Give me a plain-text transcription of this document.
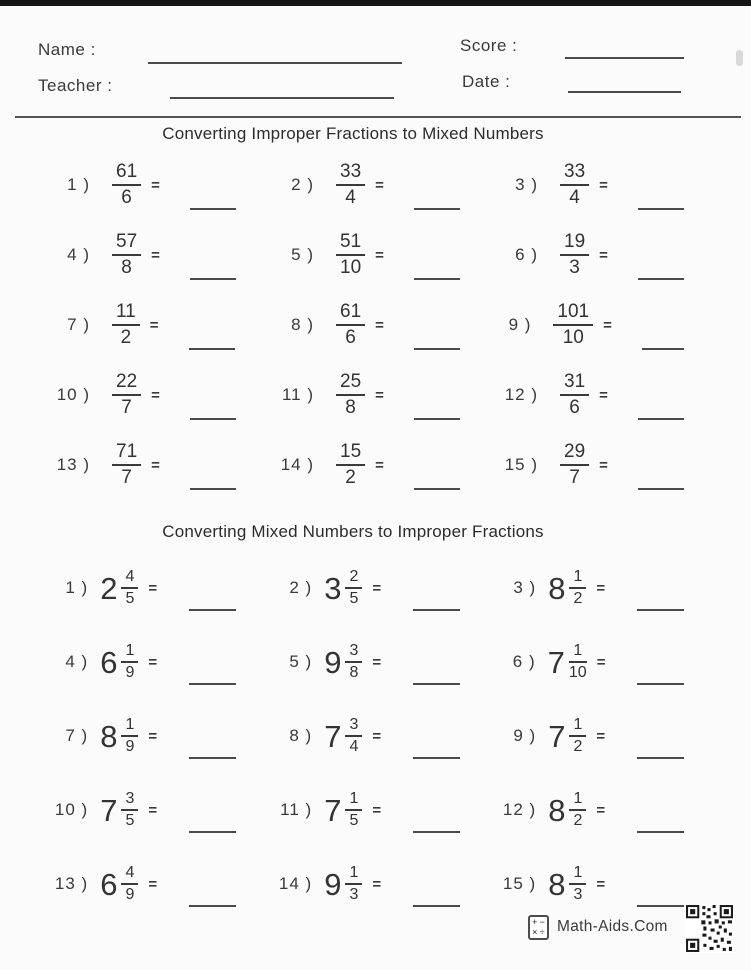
Name :
Teacher :
Score :
Date :
Converting Improper Fractions to Mixed Numbers
1 ) $\frac{61}{6}$ =	2 ) $\frac{33}{4}$ =	3 ) $\frac{33}{4}$ =
4 ) $\frac{57}{8}$ =	5 ) $\frac{51}{10}$ =	6 ) $\frac{19}{3}$ =
7 ) $\frac{11}{2}$ =	8 ) $\frac{61}{6}$ =	9 ) $\frac{101}{10}$ =
10 ) $\frac{22}{7}$ =	11 ) $\frac{25}{8}$ =	12 ) $\frac{31}{6}$ =
13 ) $\frac{71}{7}$ =	14 ) $\frac{15}{2}$ =	15 ) $\frac{29}{7}$ =
Converting Mixed Numbers to Improper Fractions
1 ) $2 \frac{4}{5}$ =	2 ) $3 \frac{2}{5}$ =	3 ) $8 \frac{1}{2}$ =
4 ) $6 \frac{1}{9}$ =	5 ) $9 \frac{3}{8}$ =	6 ) $7 \frac{1}{10}$ =
7 ) $8 \frac{1}{9}$ =	8 ) $7 \frac{3}{4}$ =	9 ) $7 \frac{1}{2}$ =
10 ) $7 \frac{3}{5}$ =	11 ) $7 \frac{1}{5}$ =	12 ) $8 \frac{1}{2}$ =
13 ) $6 \frac{4}{9}$ =	14 ) $9 \frac{1}{3}$ =	15 ) $8 \frac{1}{3}$ =
+ −
× ÷ Math-Aids.Com
